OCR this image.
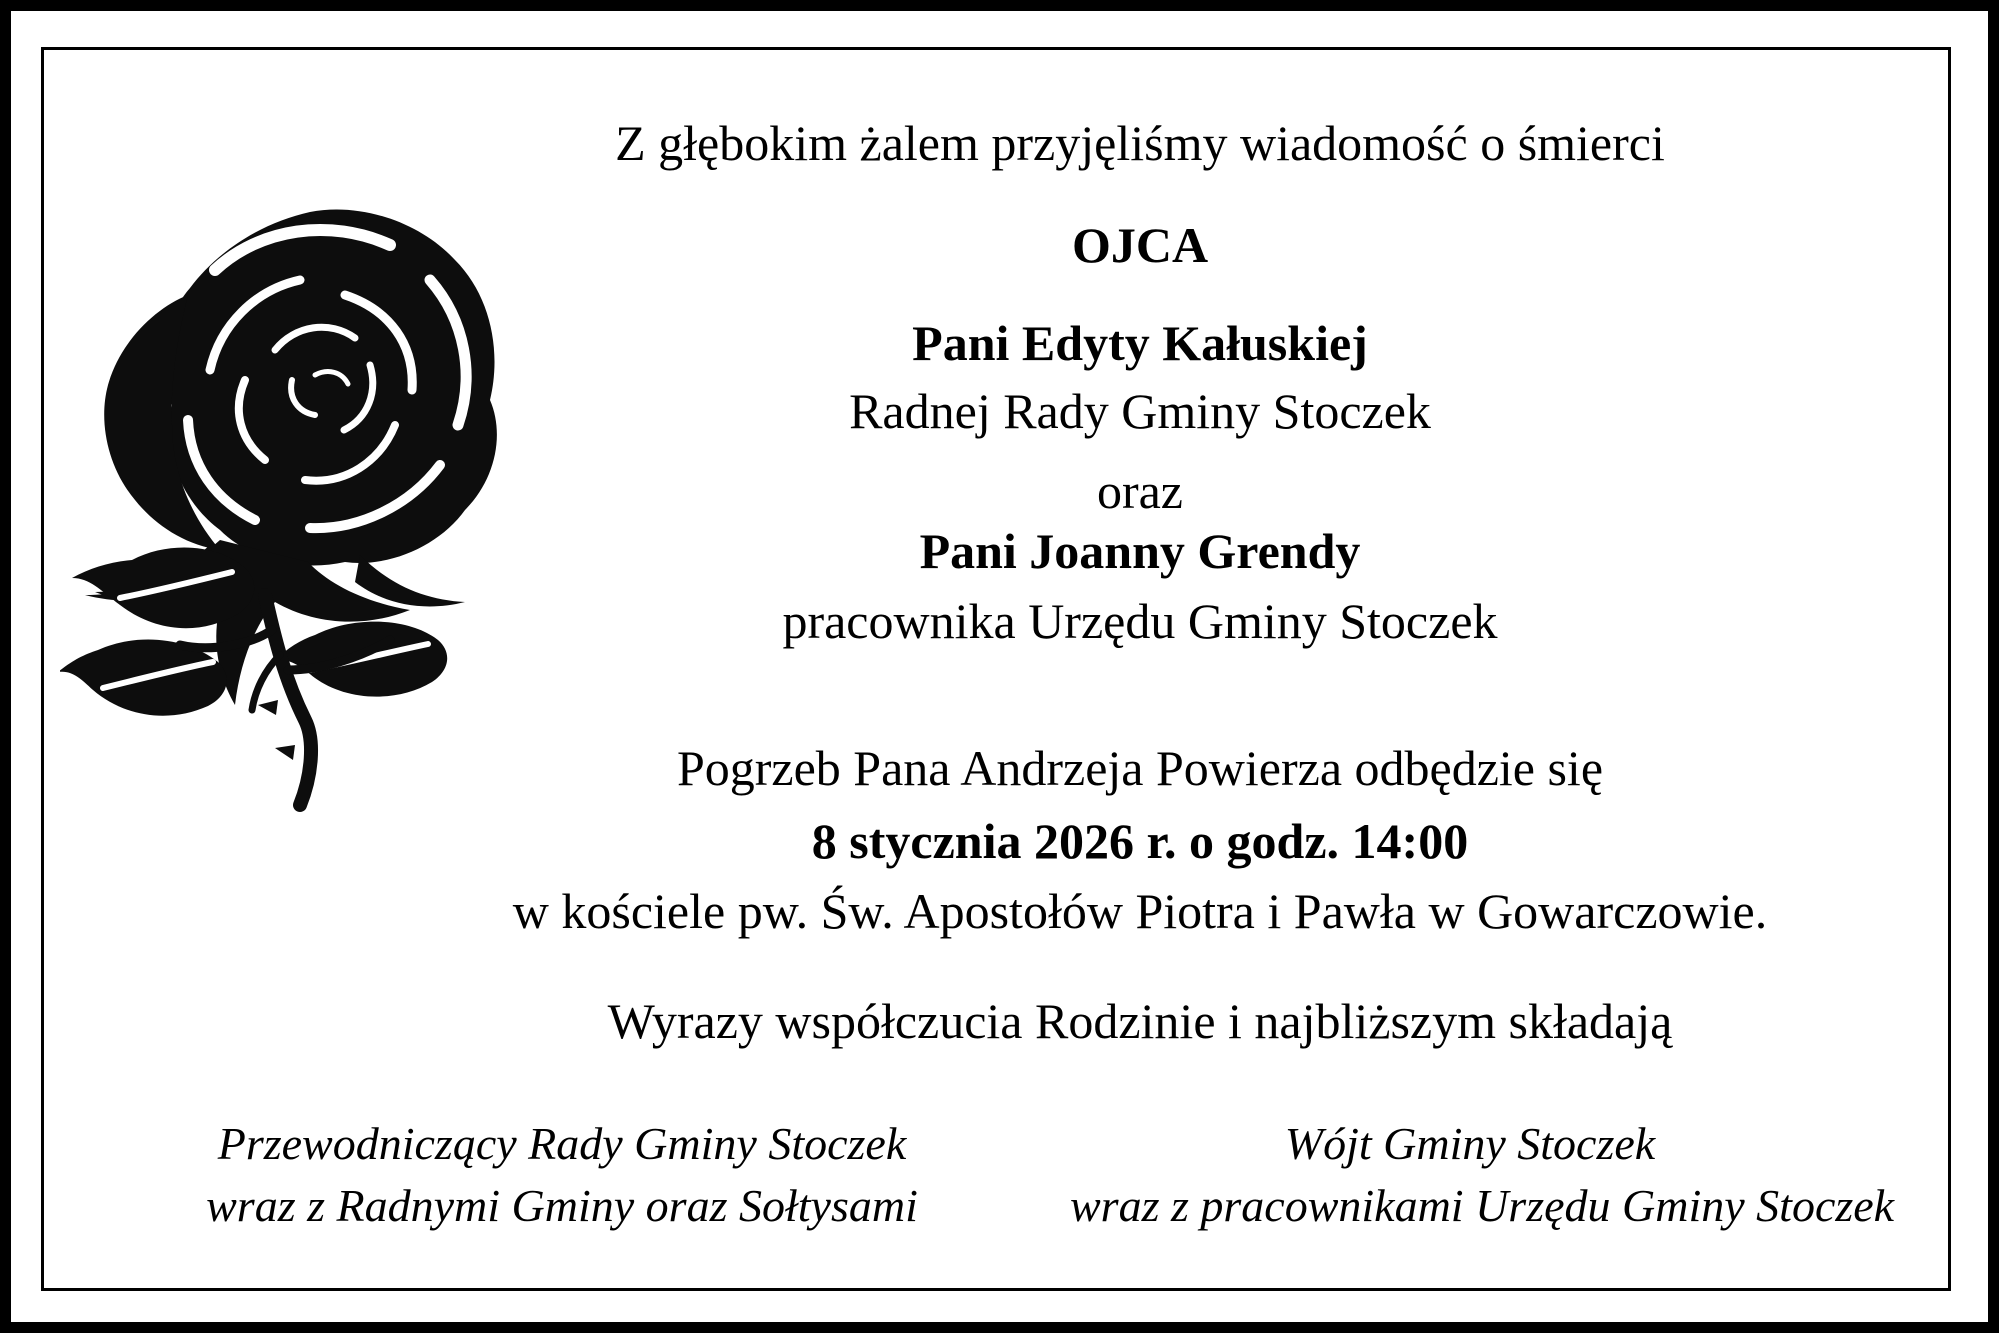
Z głębokim żalem przyjęliśmy wiadomość o śmierci
OJCA
Pani Edyty Kałuskiej
Radnej Rady Gminy Stoczek
oraz
Pani Joanny Grendy
pracownika Urzędu Gminy Stoczek
Pogrzeb Pana Andrzeja Powierza odbędzie się
8 stycznia 2026 r. o godz. 14:00
w kościele pw. Św. Apostołów Piotra i Pawła w Gowarczowie.
Wyrazy współczucia Rodzinie i najbliższym składają
Przewodniczący Rady Gminy Stoczek
wraz z Radnymi Gminy oraz Sołtysami
Wójt Gminy Stoczek
wraz z pracownikami Urzędu Gminy Stoczek
